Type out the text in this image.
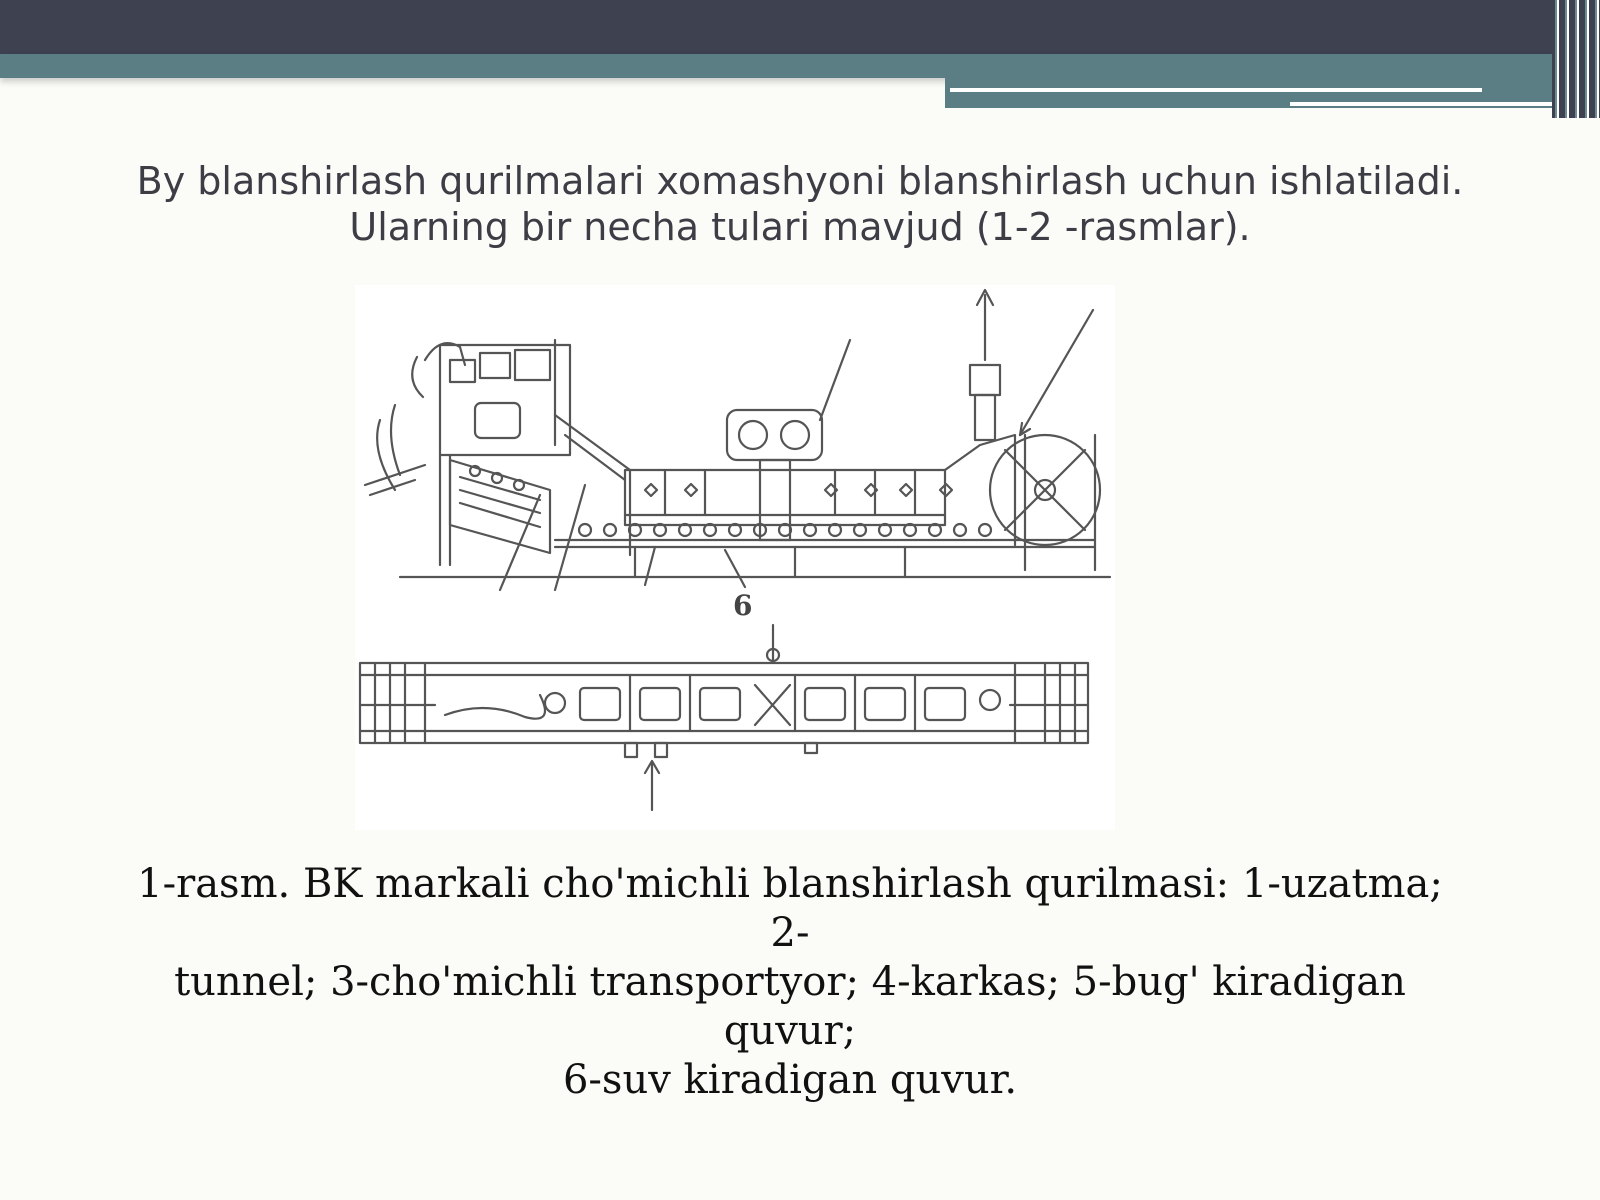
By blanshirlash qurilmalari xomashyoni blanshirlash uchun ishlatiladi.
Ularning bir necha tulari mavjud (1-2 -rasmlar).
6
1-rasm. BK markali cho'michli blanshirlash qurilmasi: 1-uzatma; 2-
tunnel; 3-cho'michli transportyor; 4-karkas; 5-bug' kiradigan quvur;
6-suv kiradigan quvur.
